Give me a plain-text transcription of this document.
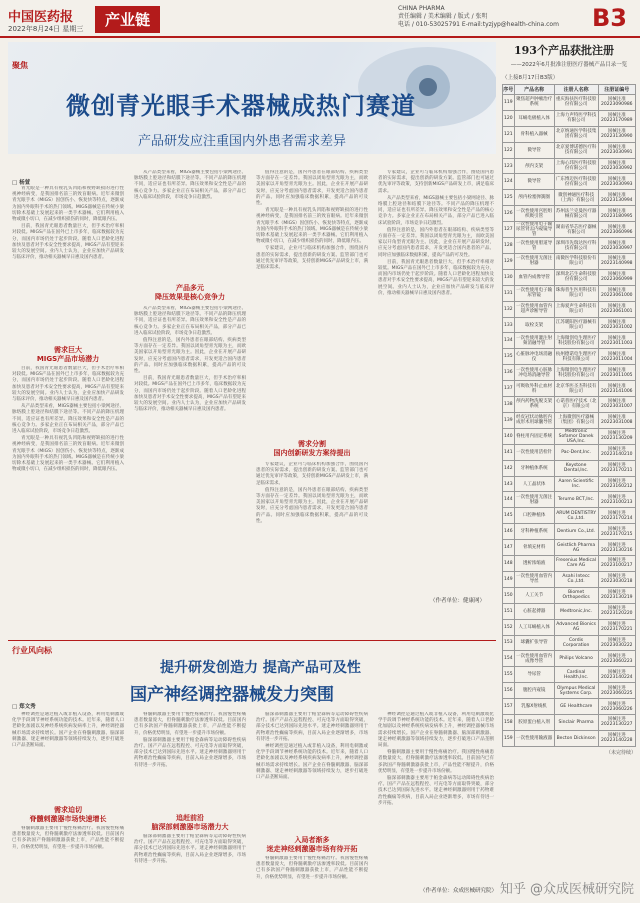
中国医药报
2022年8月24日 星期三	产业链
CHINA PHARMA
责任编辑 / 美术编辑 / 版式 / 张明
电话 / 010-53025791 E-mail:tyzjyp@health-china.com B3
聚焦
微创青光眼手术器械成热门赛道
产品研发应注重国内外患者需求差异
□ 杨萱

青光眼是一种具有视乳头凹陷和视野缺损的进行性视神经病变，是我国排名前三的致盲眼病。近年来微创青光眼手术（MIGS）因创伤小、恢复快等特点，逐渐成为国内外眼科手术的热门领域。MIGS器械是在传统小梁切除术基础上发展起来的一类手术器械。它们利用植入物或微小切口，在减少组织损伤的同时，降低眼内压。

目前，我国青光眼患者数量巨大，但手术治疗率相对较低。MIGS产品在国外已上市多年，临床数据较为充分，而国内市场仍处于起步阶段。随着人口老龄化进程加快及患者对手术安全性要求提高，MIGS产品有望迎来较大的发展空间。业内人士认为，企业应加快产品研发与临床评价，推动相关器械早日惠及国内患者。

需求巨大
MIGS产品市场潜力

目前，我国青光眼患者数量巨大，但手术治疗率相对较低。MIGS产品在国外已上市多年，临床数据较为充分，而国内市场仍处于起步阶段。随着人口老龄化进程加快及患者对手术安全性要求提高，MIGS产品有望迎来较大的发展空间。业内人士认为，企业应加快产品研发与临床评价，推动相关器械早日惠及国内患者。

从产品类型来看，MIGS器械主要包括小梁网途径、脉络膜上腔途径和结膜下途径等。不同产品的降压机理不同，适应证也有所差异。降压效果和安全性是产品的核心竞争力。多家企业正在布局相关产品，部分产品已进入临床试验阶段，市场竞争日趋激烈。

青光眼是一种具有视乳头凹陷和视野缺损的进行性视神经病变，是我国排名前三的致盲眼病。近年来微创青光眼手术（MIGS）因创伤小、恢复快等特点，逐渐成为国内外眼科手术的热门领域。MIGS器械是在传统小梁切除术基础上发展起来的一类手术器械。它们利用植入物或微小切口，在减少组织损伤的同时，降低眼内压。

从产品类型来看，MIGS器械主要包括小梁网途径、脉络膜上腔途径和结膜下途径等。不同产品的降压机理不同，适应证也有所差异。降压效果和安全性是产品的核心竞争力。多家企业正在布局相关产品，部分产品已进入临床试验阶段，市场竞争日趋激烈。

产品多元
降压效果是核心竞争力

从产品类型来看，MIGS器械主要包括小梁网途径、脉络膜上腔途径和结膜下途径等。不同产品的降压机理不同，适应证也有所差异。降压效果和安全性是产品的核心竞争力。多家企业正在布局相关产品，部分产品已进入临床试验阶段，市场竞争日趋激烈。

值得注意的是，国内外患者在眼部结构、疾病类型等方面存在一定差异。我国以闭角型青光眼为主，而欧美国家以开角型青光眼为主。因此，企业在开展产品研发时，应充分考虑国内患者需求，开发更适合国内患者的产品。同时应加强临床数据积累，提高产品的可及性。

目前，我国青光眼患者数量巨大，但手术治疗率相对较低。MIGS产品在国外已上市多年，临床数据较为充分，而国内市场仍处于起步阶段。随着人口老龄化进程加快及患者对手术安全性要求提高，MIGS产品有望迎来较大的发展空间。业内人士认为，企业应加快产品研发与临床评价，推动相关器械早日惠及国内患者。

值得注意的是，国内外患者在眼部结构、疾病类型等方面存在一定差异。我国以闭角型青光眼为主，而欧美国家以开角型青光眼为主。因此，企业在开展产品研发时，应充分考虑国内患者需求，开发更适合国内患者的产品。同时应加强临床数据积累，提高产品的可及性。

青光眼是一种具有视乳头凹陷和视野缺损的进行性视神经病变，是我国排名前三的致盲眼病。近年来微创青光眼手术（MIGS）因创伤小、恢复快等特点，逐渐成为国内外眼科手术的热门领域。MIGS器械是在传统小梁切除术基础上发展起来的一类手术器械。它们利用植入物或微小切口，在减少组织损伤的同时，降低眼内压。

专家建议，企业可与临床机构加强合作，围绕国内患者的实际需求，提出创新的研发方案。监管部门也可通过优先审评等政策，支持创新MIGS产品研发上市，满足临床需求。

需求分割
国内创新研发方案待提出

专家建议，企业可与临床机构加强合作，围绕国内患者的实际需求，提出创新的研发方案。监管部门也可通过优先审评等政策，支持创新MIGS产品研发上市，满足临床需求。

值得注意的是，国内外患者在眼部结构、疾病类型等方面存在一定差异。我国以闭角型青光眼为主，而欧美国家以开角型青光眼为主。因此，企业在开展产品研发时，应充分考虑国内患者需求，开发更适合国内患者的产品。同时应加强临床数据积累，提高产品的可及性。

专家建议，企业可与临床机构加强合作，围绕国内患者的实际需求，提出创新的研发方案。监管部门也可通过优先审评等政策，支持创新MIGS产品研发上市，满足临床需求。

从产品类型来看，MIGS器械主要包括小梁网途径、脉络膜上腔途径和结膜下途径等。不同产品的降压机理不同，适应证也有所差异。降压效果和安全性是产品的核心竞争力。多家企业正在布局相关产品，部分产品已进入临床试验阶段，市场竞争日趋激烈。

值得注意的是，国内外患者在眼部结构、疾病类型等方面存在一定差异。我国以闭角型青光眼为主，而欧美国家以开角型青光眼为主。因此，企业在开展产品研发时，应充分考虑国内患者需求，开发更适合国内患者的产品。同时应加强临床数据积累，提高产品的可及性。

目前，我国青光眼患者数量巨大，但手术治疗率相对较低。MIGS产品在国外已上市多年，临床数据较为充分，而国内市场仍处于起步阶段。随着人口老龄化进程加快及患者对手术安全性要求提高，MIGS产品有望迎来较大的发展空间。业内人士认为，企业应加快产品研发与临床评价，推动相关器械早日惠及国内患者。

（作者单位：健康网）
行业风向标
提升研发创造力 提高产品可及性
国产神经调控器械发力突围
□ 郑文秀

神经调控是通过植入或非植入设备，利用电刺激或化学手段调节神经系统功能的技术。近年来，随着人口老龄化加剧以及神经系统疾病发病率上升，神经调控器械市场需求持续增长。国产企业在脊髓刺激器、脑深部刺激器、迷走神经刺激器等领域持续发力，逐步打破进口产品垄断局面。

需求迫切
脊髓刺激器市场快速增长

脊髓刺激器主要用于慢性疼痛治疗。我国慢性疼痛患者数量庞大，但脊髓刺激疗法渗透率较低。目前国内已有多款国产脊髓刺激器获批上市，产品性能不断提升，价格优势明显，有望进一步提升市场份额。

脊髓刺激器主要用于慢性疼痛治疗。我国慢性疼痛患者数量庞大，但脊髓刺激疗法渗透率较低。目前国内已有多款国产脊髓刺激器获批上市，产品性能不断提升，价格优势明显，有望进一步提升市场份额。

脑深部刺激器主要用于帕金森病等运动障碍性疾病治疗。国产产品在远程程控、可充电等方面取得突破，部分技术已达到国际先进水平。迷走神经刺激器则用于药物难治性癫痫等疾病，目前入局企业逐渐增多，市场有待进一步开拓。

追赶前沿
脑深部刺激器市场潜力大

脑深部刺激器主要用于帕金森病等运动障碍性疾病治疗。国产产品在远程程控、可充电等方面取得突破，部分技术已达到国际先进水平。迷走神经刺激器则用于药物难治性癫痫等疾病，目前入局企业逐渐增多，市场有待进一步开拓。

脑深部刺激器主要用于帕金森病等运动障碍性疾病治疗。国产产品在远程程控、可充电等方面取得突破，部分技术已达到国际先进水平。迷走神经刺激器则用于药物难治性癫痫等疾病，目前入局企业逐渐增多，市场有待进一步开拓。

神经调控是通过植入或非植入设备，利用电刺激或化学手段调节神经系统功能的技术。近年来，随着人口老龄化加剧以及神经系统疾病发病率上升，神经调控器械市场需求持续增长。国产企业在脊髓刺激器、脑深部刺激器、迷走神经刺激器等领域持续发力，逐步打破进口产品垄断局面。

入局者渐多
迷走神经刺激器市场有待开拓

脊髓刺激器主要用于慢性疼痛治疗。我国慢性疼痛患者数量庞大，但脊髓刺激疗法渗透率较低。目前国内已有多款国产脊髓刺激器获批上市，产品性能不断提升，价格优势明显，有望进一步提升市场份额。

神经调控是通过植入或非植入设备，利用电刺激或化学手段调节神经系统功能的技术。近年来，随着人口老龄化加剧以及神经系统疾病发病率上升，神经调控器械市场需求持续增长。国产企业在脊髓刺激器、脑深部刺激器、迷走神经刺激器等领域持续发力，逐步打破进口产品垄断局面。

脊髓刺激器主要用于慢性疼痛治疗。我国慢性疼痛患者数量庞大，但脊髓刺激疗法渗透率较低。目前国内已有多款国产脊髓刺激器获批上市，产品性能不断提升，价格优势明显，有望进一步提升市场份额。

脑深部刺激器主要用于帕金森病等运动障碍性疾病治疗。国产产品在远程程控、可充电等方面取得突破，部分技术已达到国际先进水平。迷走神经刺激器则用于药物难治性癫痫等疾病，目前入局企业逐渐增多，市场有待进一步开拓。

（作者单位：众成医械研究院）
193个产品获批注册
——2022年6月批准注册医疗器械产品目录一览
（上接8月17日B3版）
序号	产品名称	注册人名称	注册证编号
119	聚焦超声肿瘤治疗系统	重庆海扶医疗科技股份有限公司	国械注准20223090986
120	耳蜗电极植入体	上海力声特医学科技有限公司	国械注准20223170989
121	骨科植入器械	北京纳通医学科技集团有限公司	国械注准20223130990
122	微导管	北京爱博诺德医疗科技有限公司	国械注准20223030991
123	颅内支架	上海心玮医疗科技股份有限公司	国械注准20223030992
124	微导管	广东博迈医疗科技股份有限公司	国械注准20223030993
125	颅内栓塞弹簧圈	微创神通医疗科技（上海）有限公司	国械注准20223130994
126	一次性使用宫腔组织吸引管	苏州法兰克曼医疗器械有限公司	国械注准20223180995
127	一次性使用电子输尿管肾盂内窥镜导管	湖南省华芯医疗器械有限公司	国械注准20223060996
128	一次性使用胆道导管	深圳市先瑞达医疗科技有限公司	国械注准20223030997
129	一次性使用无菌注射器	南微医学科技股份有限公司	国械注准20223140998
130	血管内成像导管	深圳北芯生命科技股份有限公司	国械注准20223060999
131	一次性使用电子输尿管镜	珠海普生医用科技有限公司	国械注准20223061000
132	一次性使用血管内超声诊断导管	上海爱声生命科技有限公司	国械注准20223061001
133	取栓支架	江苏暖阳医疗器械有限公司	国械注准20223031002
134	一次性使用灌注射频消融导管	上海微创电生理医疗科技股份有限公司	国械注准20223011003
135	心脏脉冲电场消融仪	杭州德诺电生理医疗科技有限公司	国械注准20223011004
136	一次性使用心脏脉冲电场消融导管	上海微创电生理医疗科技股份有限公司	国械注准20223011005
137	可吸收外科止血材料	北京华医圣杰科技有限公司	国械注准20223141006
138	颅内药物洗脱支架系统	心诺普医疗技术（北京）有限公司	国械注准20223031007
139	经皮冠状动脉腔内成形术用球囊导管	上海微创医疗器械（集团）有限公司	国械注准20223031008
140	脊柱用内固定系统	Medtronic Sofamor Danek USA,Inc.	国械注进20223130209
141	一次性使用活检针	Pac-Dent,Inc.	国械注进20223140210
142	牙种植体系统	Keystone Dental,Inc.	国械注进20223170211
143	人工晶状体	Aaren Scientific Inc.	国械注进20223160212
144	一次性使用无菌注射器	Terumo BCT,Inc.	国械注进20223100213
145	口腔种植体	ARUM DENTISTRY Co.,Ltd.	国械注进20223170214
146	牙科种植系统	Dentium Co.,Ltd.	国械注进20223170215
147	骨填充材料	Geistlich Pharma AG	国械注进20223130216
148	透析浓缩液	Fresenius Medical Care AG	国械注进20223100217
149	一次性使用血管内导丝	Asahi Intecc Co.,Ltd.	国械注进20223030218
150	人工关节	Biomet Orthopedics	国械注进20223130219
151	心脏起搏器	Medtronic,Inc.	国械注进20223120220
152	人工耳蜗植入体	Advanced Bionics AG	国械注进20223170221
153	球囊扩张导管	Cordis Corporation	国械注进20223030222
154	一次性使用血管内成像导管	Philips Volcano	国械注进20223060223
155	导尿管	Cardinal Health,Inc.	国械注进20223140224
156	腹腔内窥镜	Olympus Medical Systems Corp.	国械注进20223060225
157	乳腺X射线机	GE Healthcare	国械注进20223060226
158	胶原蛋白植入剂	Sinclair Pharma	国械注进20223130227
159	一次性使用输液器	Becton Dickinson	国械注进20223140228
（未完待续）
知乎 @众成医械研究院
